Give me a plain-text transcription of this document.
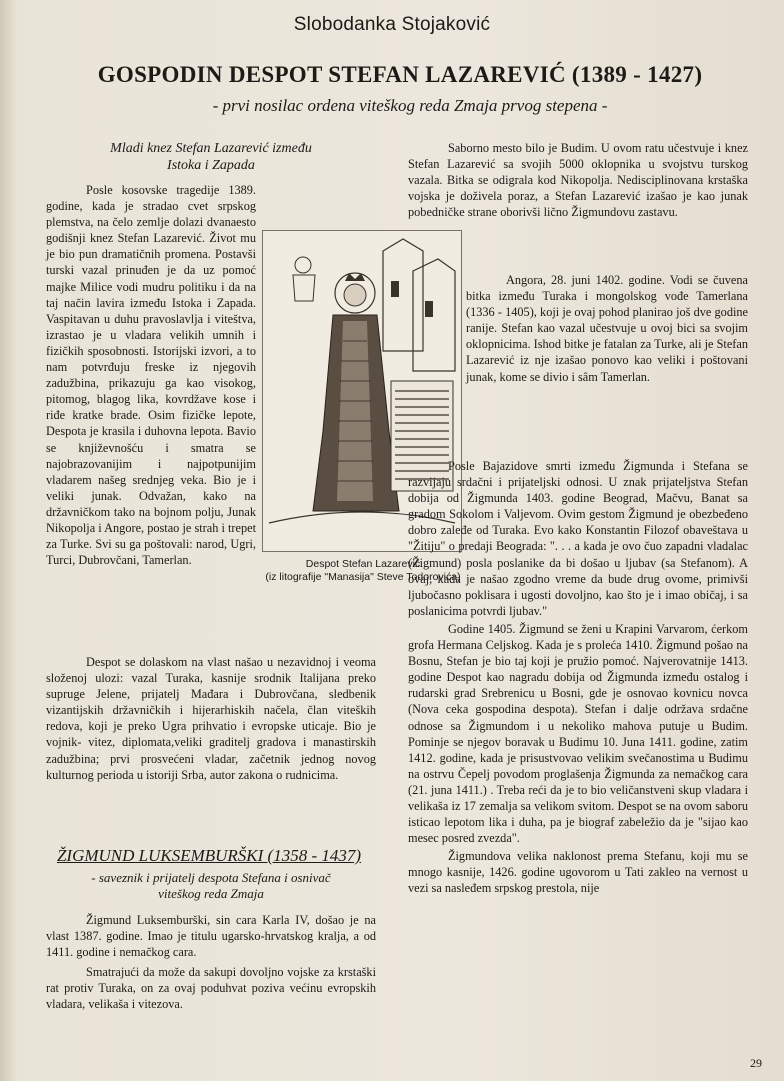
Slobodanka Stojaković
GOSPODIN DESPOT STEFAN LAZAREVIĆ (1389 - 1427)
- prvi nosilac ordena viteškog reda Zmaja prvog stepena -

Mladi knez Stefan Lazarević između
Istoka i Zapada

Posle kosovske tragedije 1389. godine, kada je stradao cvet srpskog plemstva, na čelo zemlje dolazi dvanaesto godišnji knez Stefan Lazarević. Život mu je bio pun dramatičnih promena. Postavši turski vazal prinuđen je da uz pomoć majke Milice vodi mudru politiku i da na taj način lavira između Istoka i Zapada. Vaspitavan u duhu pravoslavlja i viteštva, izrastao je u vladara velikih umnih i fizičkih sposobnosti. Istorijski izvori, a to nam potvrđuju freske iz njegovih zadužbina, prikazuju ga kao visokog, pitomog, blagog lika, kovrdžave kose i riđe kratke brade. Osim fizičke lepote, Despota je krasila i duhovna lepota. Bavio se književnošću i smatra se najobrazovanijim i najpotpunijim vladarem našeg srednjeg veka. Bio je i veliki junak. Odvažan, kako na državničkom tako na bojnom polju, Junak Nikopolja i Angore, postao je strah i trepet za Turke. Svi su ga poštovali: narod, Ugri, Turci, Dubrovčani, Tamerlan.	Despot Stefan Lazarević
(iz litografije "Manasija" Steve Todorovića)

Despot se dolaskom na vlast našao u nezavidnoj i veoma složenoj ulozi: vazal Turaka, kasnije srodnik Italijana preko supruge Jelene, prijatelj Mađara i Dubrovčana, sledbenik vizantijskih državničkih i hijerarhiskih načela, član viteških redova, koji je preko Ugra prihvatio i evropske uticaje. Bio je vojnik- vitez, diplomata,veliki graditelj gradova i manastirskih zadužbina; prvi prosvećeni vladar, začetnik jednog novog kulturnog perioda u istoriji Srba, autor zakona o rudnicima.

ŽIGMUND LUKSEMBURŠKI (1358 - 1437)

- saveznik i prijatelj despota Stefana i osnivač
viteškog reda Zmaja

Žigmund Luksemburški, sin cara Karla IV, došao je na vlast 1387. godine. Imao je titulu ugarsko-hrvatskog kralja, a od 1411. godine i nemačkog cara.

Smatrajući da može da sakupi dovoljno vojske za krstaški rat protiv Turaka, on za ovaj poduhvat poziva većinu evropskih vladara, velikaša i vitezova.

Saborno mesto bilo je Budim. U ovom ratu učestvuje i knez Stefan Lazarević sa svojih 5000 oklopnika u svojstvu turskog vazala. Bitka se odigrala kod Nikopolja. Nedisciplinovana krstaška vojska je doživela poraz, a Stefan Lazarević izašao je kao junak pobedničke strane oborivši lično Žigmundovu zastavu.

Angora, 28. juni 1402. godine. Vodi se čuvena bitka između Turaka i mongolskog vođe Tamerlana (1336 - 1405), koji je ovaj pohod planirao još dve godine ranije. Stefan kao vazal učestvuje u ovoj bici sa svojim oklopnicima. Ishod bitke je fatalan za Turke, ali je Stefan Lazarević iz nje izašao ponovo kao veliki i poštovani junak, kome se divio i sâm Tamerlan.

Posle Bajazidove smrti između Žigmunda i Stefana se razvijaju srdačni i prijateljski odnosi. U znak prijateljstva Stefan dobija od Žigmunda 1403. godine Beograd, Mačvu, Banat sa gradom Sokolom i Valjevom. Ovim gestom Žigmund je obezbeđeno dobro zaleđe od Turaka. Evo kako Konstantin Filozof obaveštava u "Žitiju" o predaji Beograda: ". . . a kada je ovo čuo zapadni vladalac (Žigmund) posla poslanike da bi došao u ljubav (sa Stefanom). A ovaj, kada je našao zgodno vreme da bude drug ovome, primivši ljubočasno poklisara i ugosti dovoljno, kao što je i imao običaj, i sa poslanicima potvrdi ljubav."

Godine 1405. Žigmund se ženi u Krapini Varvarom, ćerkom grofa Hermana Celjskog. Kada je s proleća 1410. Žigmund pošao na Bosnu, Stefan je bio taj koji je pružio pomoć. Najverovatnije 1413. godine Despot kao nagradu dobija od Žigmunda između ostalog i rudarski grad Srebrenicu u Bosni, gde je osnovao kovnicu novca (Nova ceka gospodina despota). Stefan i dalje održava srdačne odnose sa Žigmundom i u nekoliko mahova putuje u Budim. Pominje se njegov boravak u Budimu 10. Juna 1411. godine, zatim 1412. godine, kada je prisustvovao velikim svečanostima u Budimu na ostrvu Čepelj povodom proglašenja Žigmunda za nemačkog cara (21. juna 1411.) . Treba reći da je to bio veličanstveni skup vladara i velikaša iz 17 zemalja sa velikom svitom. Despot se na ovom saboru isticao lepotom lika i duha, pa je biograf zabeležio da je "sijao kao mesec posred zvezda".

Žigmundova velika naklonost prema Stefanu, koji mu se mnogo kasnije, 1426. godine ugovorom u Tati zakleo na vernost u vezi sa nasleđem srpskog prestola, nije

29
